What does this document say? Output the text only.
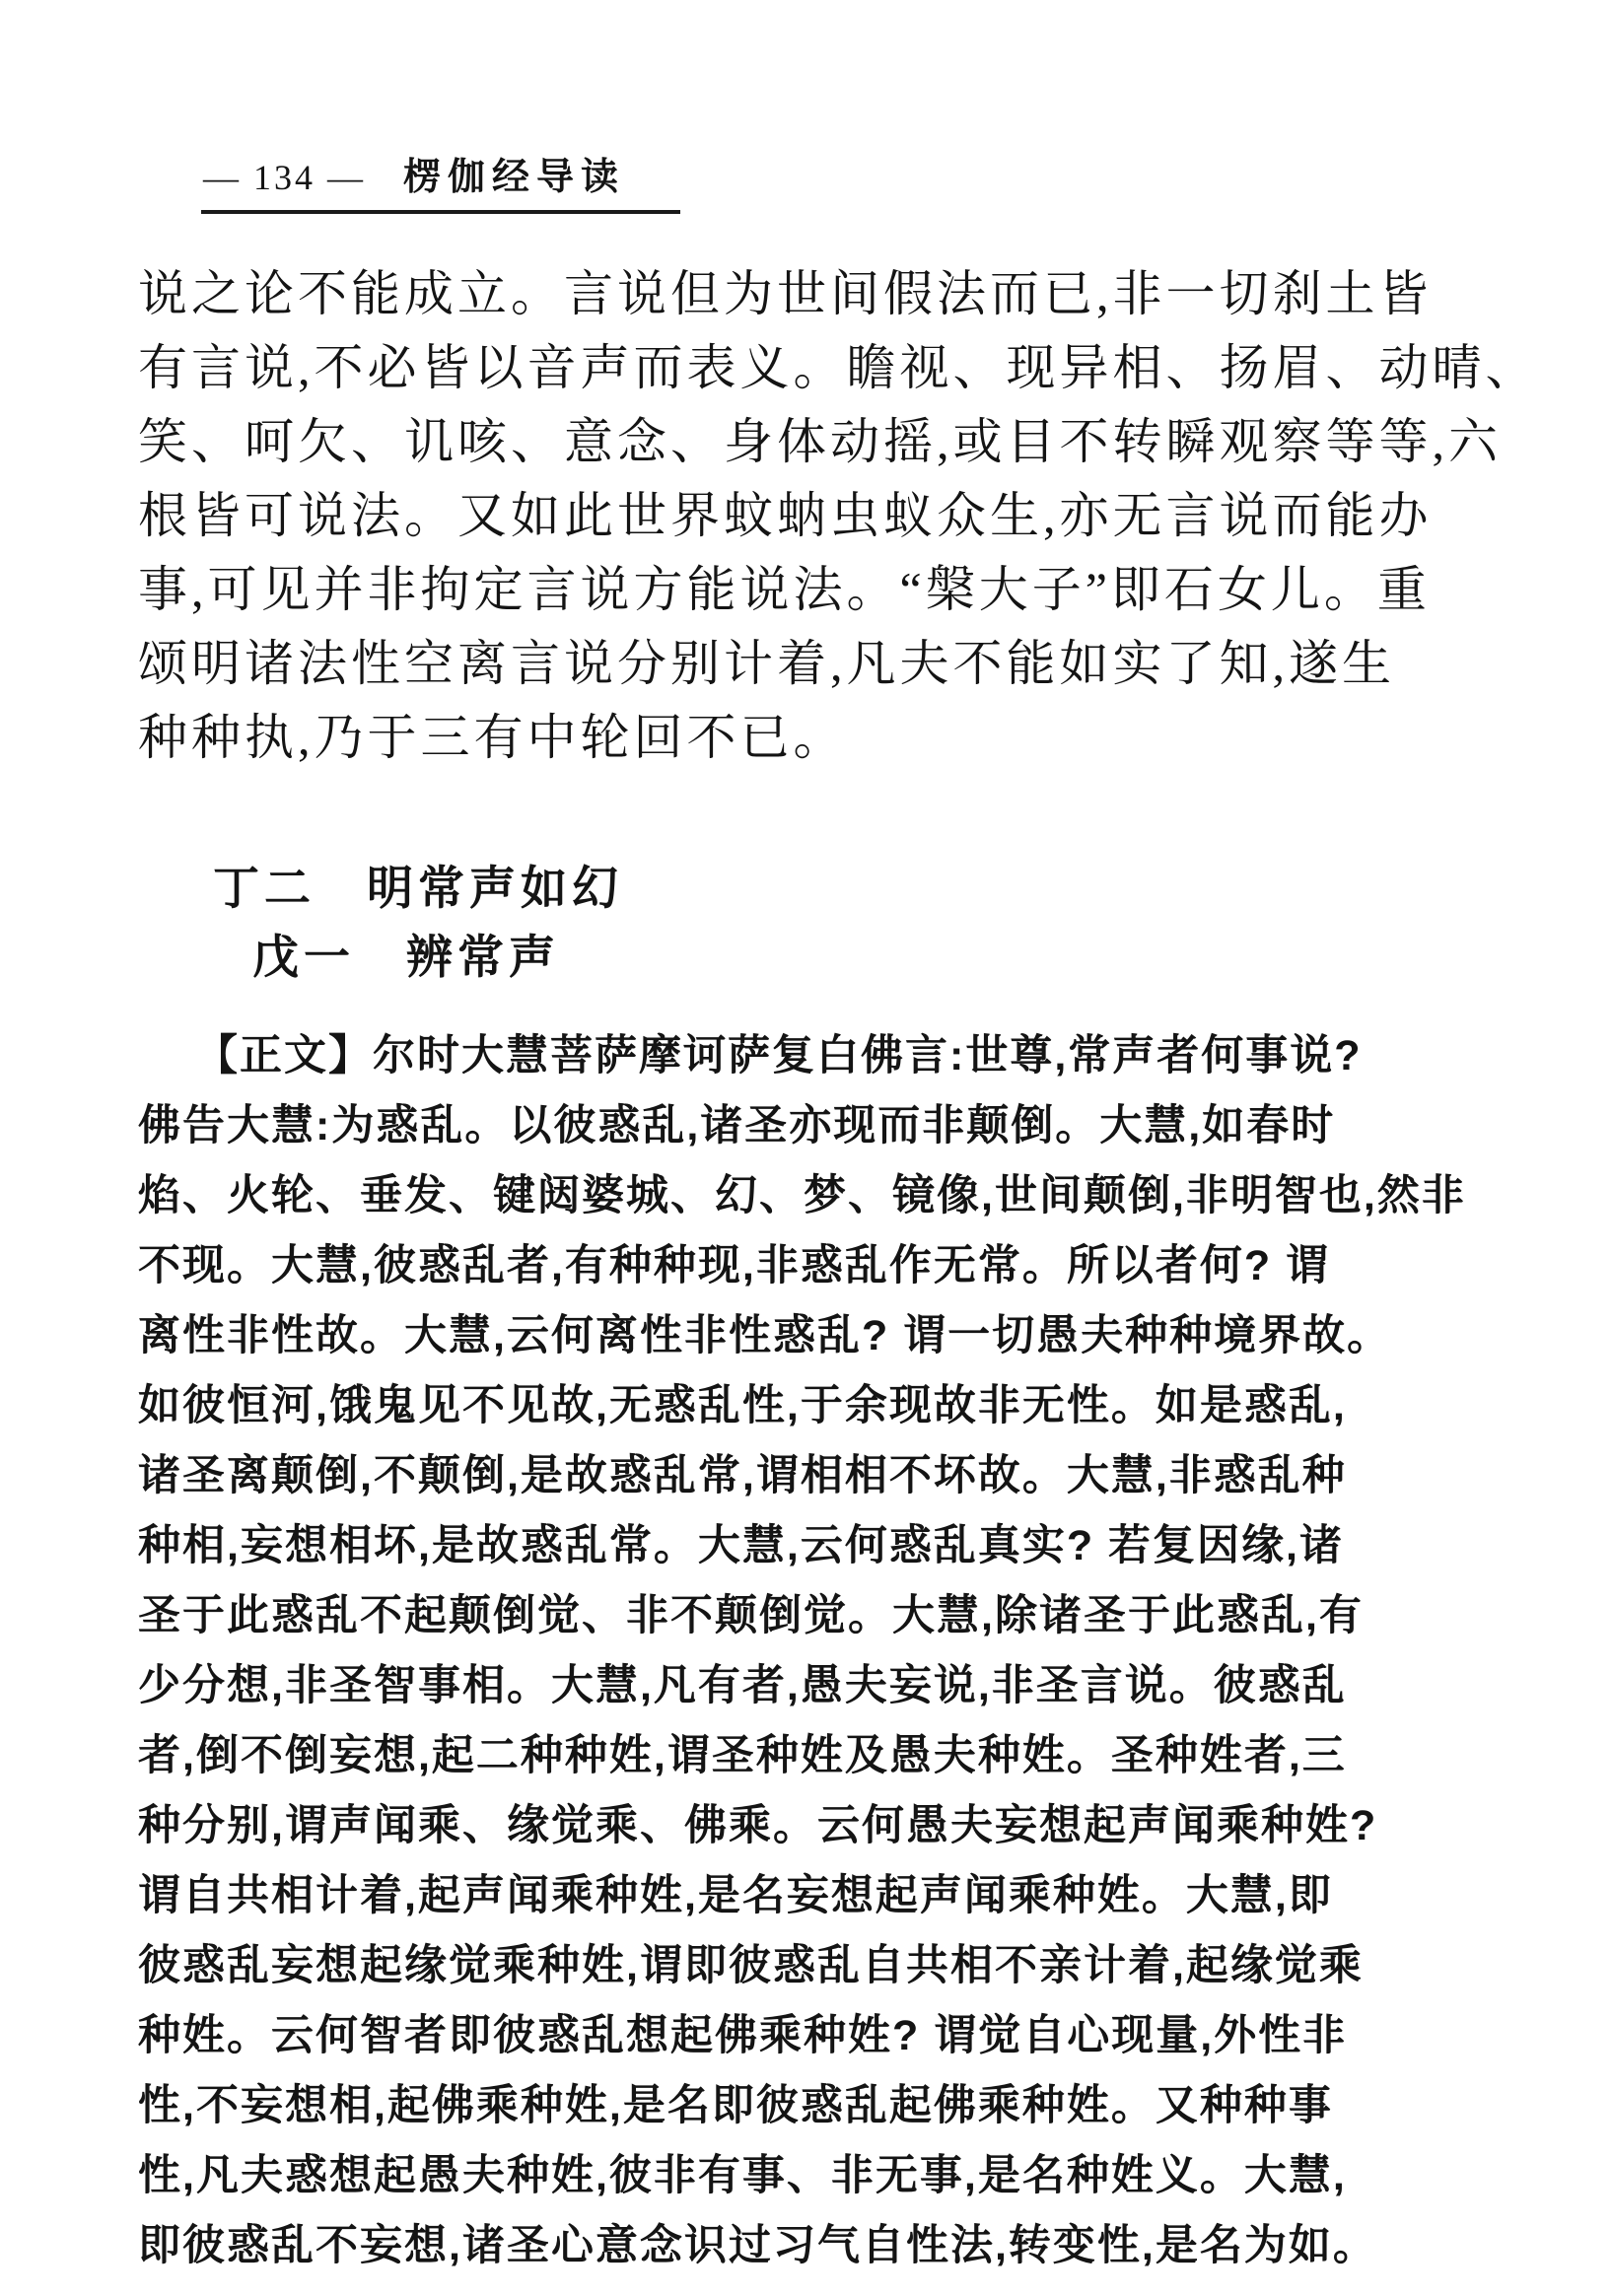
— 134 — 楞伽经导读
说之论不能成立。言说但为世间假法而已,非一切刹土皆
有言说,不必皆以音声而表义。瞻视、现异相、扬眉、动晴、
笑、呵欠、讥咳、意念、身体动摇,或目不转瞬观察等等,六
根皆可说法。又如此世界蚊蚋虫蚁众生,亦无言说而能办
事,可见并非拘定言说方能说法。“槃大子”即石女儿。重
颂明诸法性空离言说分别计着,凡夫不能如实了知,遂生
种种执,乃于三有中轮回不已。
丁二　明常声如幻
戊一　辨常声
【正文】尔时大慧菩萨摩诃萨复白佛言:世尊,常声者何事说?
佛告大慧:为惑乱。以彼惑乱,诸圣亦现而非颠倒。大慧,如春时
焰、火轮、垂发、键闼婆城、幻、梦、镜像,世间颠倒,非明智也,然非
不现。大慧,彼惑乱者,有种种现,非惑乱作无常。所以者何? 谓
离性非性故。大慧,云何离性非性惑乱? 谓一切愚夫种种境界故。
如彼恒河,饿鬼见不见故,无惑乱性,于余现故非无性。如是惑乱,
诸圣离颠倒,不颠倒,是故惑乱常,谓相相不坏故。大慧,非惑乱种
种相,妄想相坏,是故惑乱常。大慧,云何惑乱真实? 若复因缘,诸
圣于此惑乱不起颠倒觉、非不颠倒觉。大慧,除诸圣于此惑乱,有
少分想,非圣智事相。大慧,凡有者,愚夫妄说,非圣言说。彼惑乱
者,倒不倒妄想,起二种种姓,谓圣种姓及愚夫种姓。圣种姓者,三
种分别,谓声闻乘、缘觉乘、佛乘。云何愚夫妄想起声闻乘种姓?
谓自共相计着,起声闻乘种姓,是名妄想起声闻乘种姓。大慧,即
彼惑乱妄想起缘觉乘种姓,谓即彼惑乱自共相不亲计着,起缘觉乘
种姓。云何智者即彼惑乱想起佛乘种姓? 谓觉自心现量,外性非
性,不妄想相,起佛乘种姓,是名即彼惑乱起佛乘种姓。又种种事
性,凡夫惑想起愚夫种姓,彼非有事、非无事,是名种姓义。大慧,
即彼惑乱不妄想,诸圣心意念识过习气自性法,转变性,是名为如。
